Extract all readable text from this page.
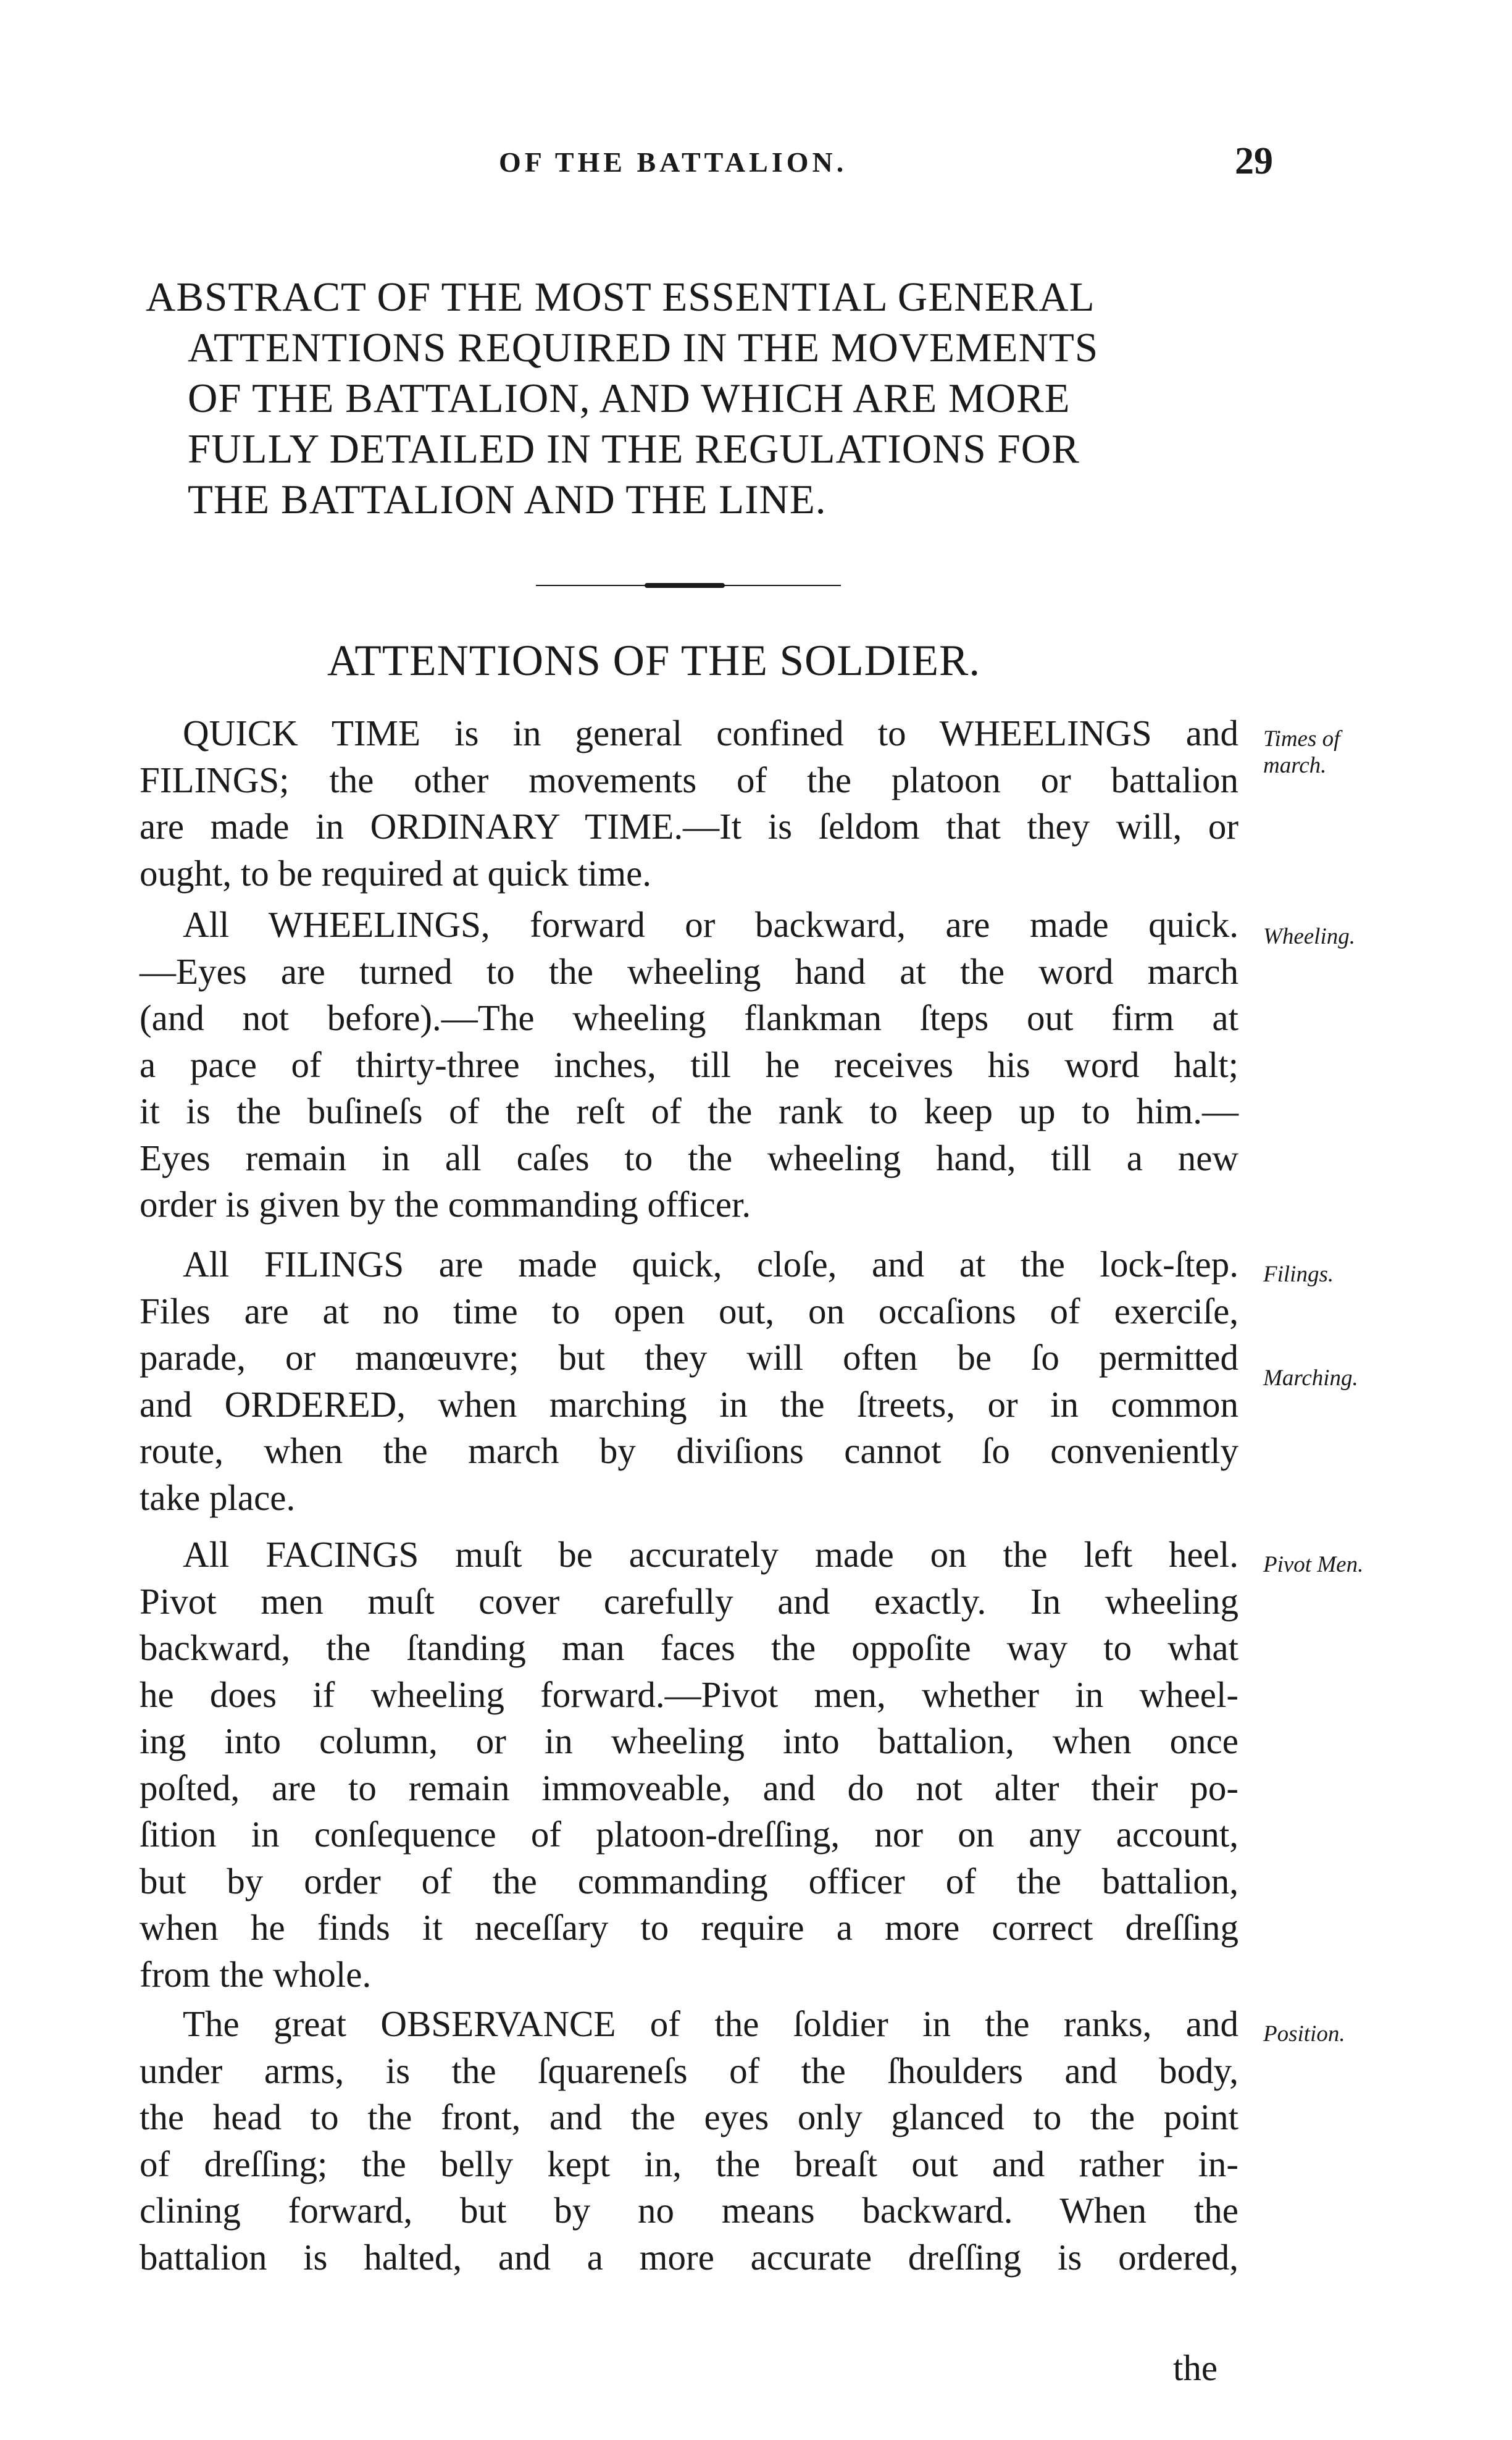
OF THE BATTALION.	29
ABSTRACT OF THE MOST ESSENTIAL GENERAL
ATTENTIONS REQUIRED IN THE MOVEMENTS
OF THE BATTALION, AND WHICH ARE MORE
FULLY DETAILED IN THE REGULATIONS FOR
THE BATTALION AND THE LINE.
ATTENTIONS OF THE SOLDIER.
QUICK TIME is in general confined to WHEELINGS and
FILINGS; the other movements of the platoon or battalion
are made in ORDINARY TIME.—It is ſeldom that they will, or
ought, to be required at quick time.
All WHEELINGS, forward or backward, are made quick.
—Eyes are turned to the wheeling hand at the word march
(and not before).—The wheeling flankman ſteps out firm at
a pace of thirty-three inches, till he receives his word halt;
it is the buſineſs of the reſt of the rank to keep up to him.—
Eyes remain in all caſes to the wheeling hand, till a new
order is given by the commanding officer.
All FILINGS are made quick, cloſe, and at the lock-ſtep.
Files are at no time to open out, on occaſions of exerciſe,
parade, or manœuvre; but they will often be ſo permitted
and ORDERED, when marching in the ſtreets, or in common
route, when the march by diviſions cannot ſo conveniently
take place.
All FACINGS muſt be accurately made on the left heel.
Pivot men muſt cover carefully and exactly. In wheeling
backward, the ſtanding man faces the oppoſite way to what
he does if wheeling forward.—Pivot men, whether in wheel-
ing into column, or in wheeling into battalion, when once
poſted, are to remain immoveable, and do not alter their po-
ſition in conſequence of platoon-dreſſing, nor on any account,
but by order of the commanding officer of the battalion,
when he finds it neceſſary to require a more correct dreſſing
from the whole.
The great OBSERVANCE of the ſoldier in the ranks, and
under arms, is the ſquareneſs of the ſhoulders and body,
the head to the front, and the eyes only glanced to the point
of dreſſing; the belly kept in, the breaſt out and rather in-
clining forward, but by no means backward. When the
battalion is halted, and a more accurate dreſſing is ordered,
Times of
march.
Wheeling.
Filings.
Marching.
Pivot Men.
Position.
the
